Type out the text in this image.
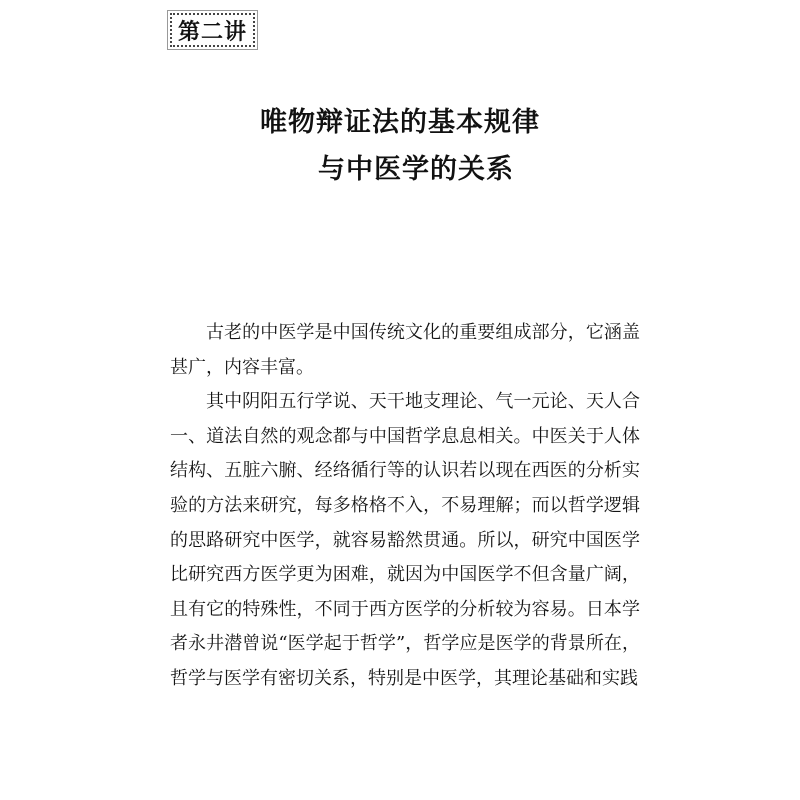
第二讲
唯物辩证法的基本规律
与中医学的关系

古老的中医学是中国传统文化的重要组成部分，它涵盖甚广，内容丰富。

其中阴阳五行学说、天干地支理论、气一元论、天人合一、道法自然的观念都与中国哲学息息相关。中医关于人体结构、五脏六腑、经络循行等的认识若以现在西医的分析实验的方法来研究，每多格格不入，不易理解；而以哲学逻辑的思路研究中医学，就容易豁然贯通。所以，研究中国医学比研究西方医学更为困难，就因为中国医学不但含量广阔，且有它的特殊性，不同于西方医学的分析较为容易。日本学者永井潜曾说“医学起于哲学”，哲学应是医学的背景所在，哲学与医学有密切关系，特别是中医学，其理论基础和实践
